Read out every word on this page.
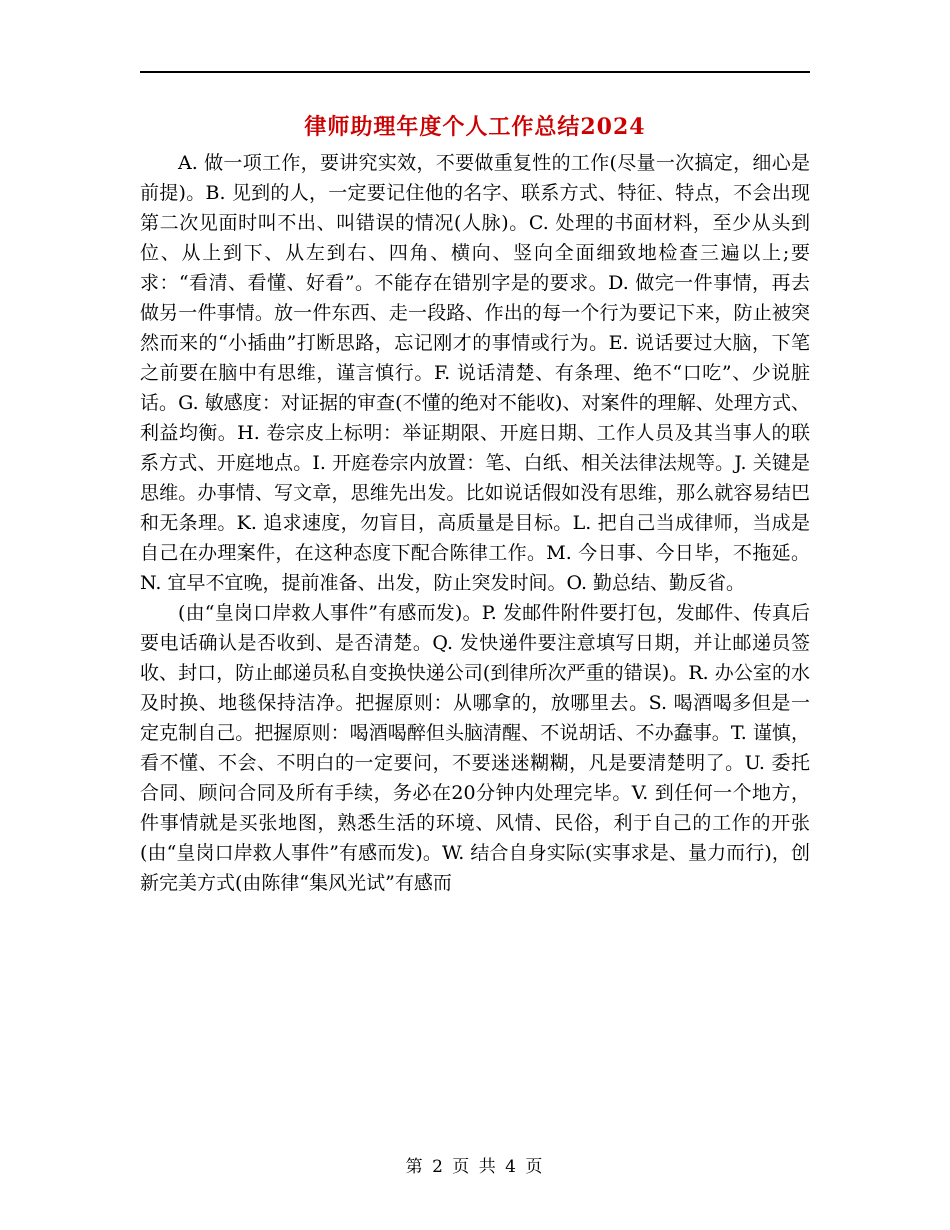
律师助理年度个人工作总结2024

A. 做一项工作，要讲究实效，不要做重复性的工作(尽量一次搞定，细心是前提)。B. 见到的人，一定要记住他的名字、联系方式、特征、特点，不会出现第二次见面时叫不出、叫错误的情况(人脉)。C. 处理的书面材料，至少从头到位、从上到下、从左到右、四角、横向、竖向全面细致地检查三遍以上;要求：“看清、看懂、好看”。不能存在错别字是的要求。D. 做完一件事情，再去做另一件事情。放一件东西、走一段路、作出的每一个行为要记下来，防止被突然而来的“小插曲”打断思路，忘记刚才的事情或行为。E. 说话要过大脑，下笔之前要在脑中有思维，谨言慎行。F. 说话清楚、有条理、绝不“口吃”、少说脏话。G. 敏感度：对证据的审查(不懂的绝对不能收)、对案件的理解、处理方式、利益均衡。H. 卷宗皮上标明：举证期限、开庭日期、工作人员及其当事人的联系方式、开庭地点。I. 开庭卷宗内放置：笔、白纸、相关法律法规等。J. 关键是思维。办事情、写文章，思维先出发。比如说话假如没有思维，那么就容易结巴和无条理。K. 追求速度，勿盲目，高质量是目标。L. 把自己当成律师，当成是自己在办理案件，在这种态度下配合陈律工作。M. 今日事、今日毕，不拖延。N. 宜早不宜晚，提前准备、出发，防止突发时间。O. 勤总结、勤反省。

(由“皇岗口岸救人事件”有感而发)。P. 发邮件附件要打包，发邮件、传真后要电话确认是否收到、是否清楚。Q. 发快递件要注意填写日期，并让邮递员签收、封口，防止邮递员私自变换快递公司(到律所次严重的错误)。R. 办公室的水及时换、地毯保持洁净。把握原则：从哪拿的，放哪里去。S. 喝酒喝多但是一定克制自己。把握原则：喝酒喝醉但头脑清醒、不说胡话、不办蠢事。T. 谨慎，看不懂、不会、不明白的一定要问，不要迷迷糊糊，凡是要清楚明了。U. 委托合同、顾问合同及所有手续，务必在20分钟内处理完毕。V. 到任何一个地方，件事情就是买张地图，熟悉生活的环境、风情、民俗，利于自己的工作的开张(由“皇岗口岸救人事件”有感而发)。W. 结合自身实际(实事求是、量力而行)，创新完美方式(由陈律“集风光试”有感而

第 2 页 共 4 页
